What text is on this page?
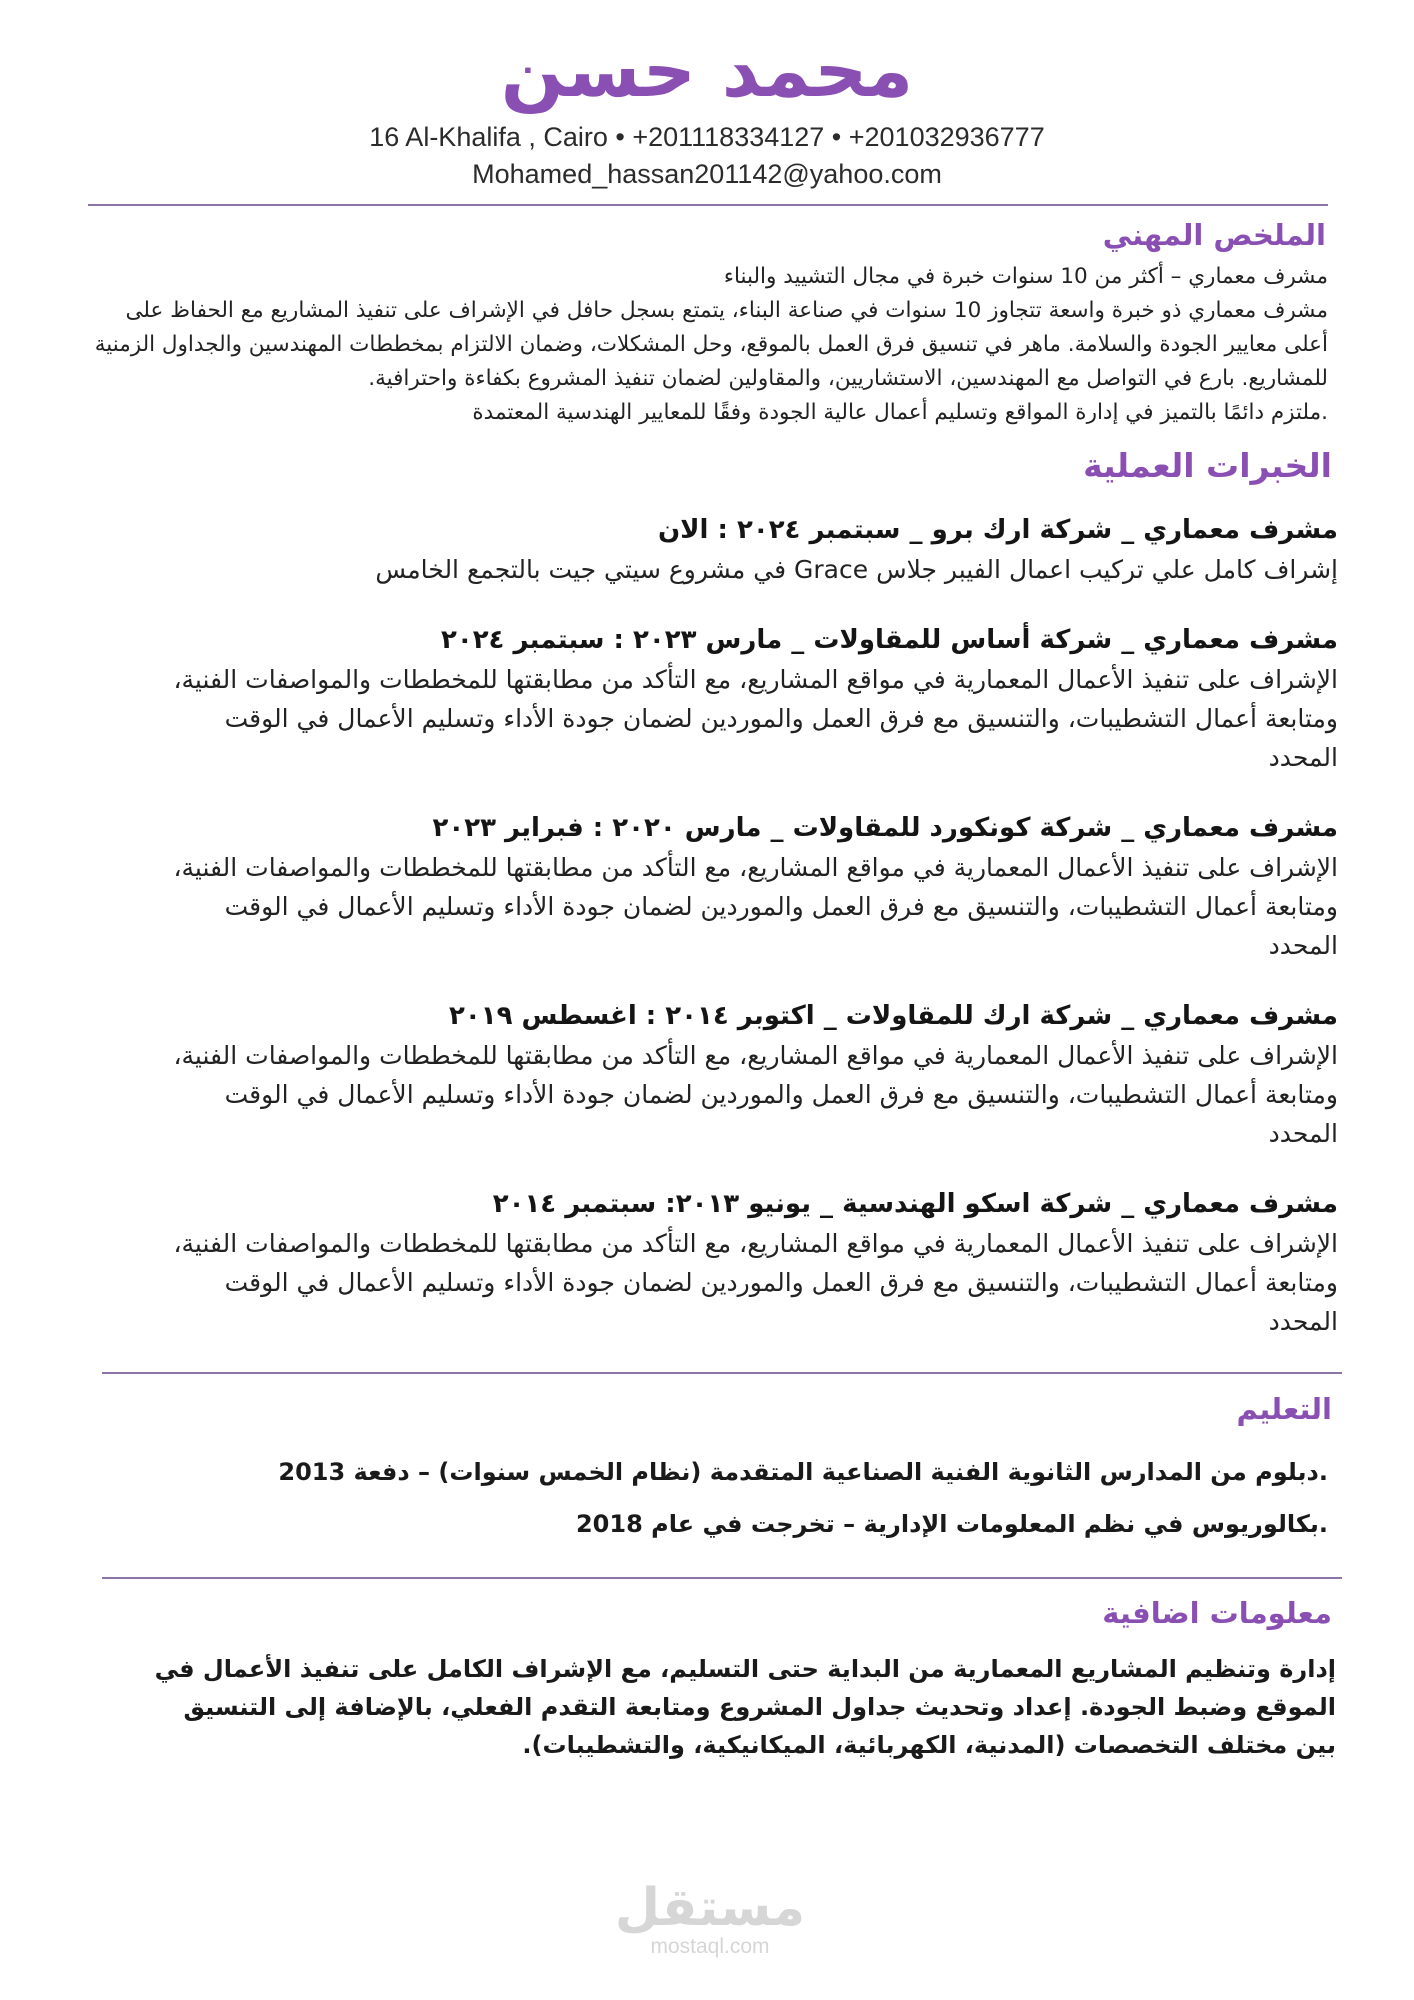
محمد حسن
16 Al-Khalifa , Cairo • +201118334127 • +201032936777
Mohamed_hassan201142@yahoo.com
الملخص المهني

مشرف معماري – أكثر من 10 سنوات خبرة في مجال التشييد والبناء

مشرف معماري ذو خبرة واسعة تتجاوز 10 سنوات في صناعة البناء، يتمتع بسجل حافل في الإشراف على تنفيذ المشاريع مع الحفاظ على أعلى معايير الجودة والسلامة. ماهر في تنسيق فرق العمل بالموقع، وحل المشكلات، وضمان الالتزام بمخططات المهندسين والجداول الزمنية للمشاريع. بارع في التواصل مع المهندسين، الاستشاريين، والمقاولين لضمان تنفيذ المشروع بكفاءة واحترافية.

.ملتزم دائمًا بالتميز في إدارة المواقع وتسليم أعمال عالية الجودة وفقًا للمعايير الهندسية المعتمدة

الخبرات العملية
مشرف معماري _ شركة ارك برو _ سبتمبر ٢٠٢٤ : الان
إشراف كامل علي تركيب اعمال الفيبر جلاس Grace في مشروع سيتي جيت بالتجمع الخامس
مشرف معماري _ شركة أساس للمقاولات _ مارس ٢٠٢٣ : سبتمبر ٢٠٢٤
الإشراف على تنفيذ الأعمال المعمارية في مواقع المشاريع، مع التأكد من مطابقتها للمخططات والمواصفات الفنية، ومتابعة أعمال التشطيبات، والتنسيق مع فرق العمل والموردين لضمان جودة الأداء وتسليم الأعمال في الوقت المحدد
مشرف معماري _ شركة كونكورد للمقاولات _ مارس ٢٠٢٠ : فبراير ٢٠٢٣
الإشراف على تنفيذ الأعمال المعمارية في مواقع المشاريع، مع التأكد من مطابقتها للمخططات والمواصفات الفنية، ومتابعة أعمال التشطيبات، والتنسيق مع فرق العمل والموردين لضمان جودة الأداء وتسليم الأعمال في الوقت المحدد
مشرف معماري _ شركة ارك للمقاولات _ اكتوبر ٢٠١٤ : اغسطس ٢٠١٩
الإشراف على تنفيذ الأعمال المعمارية في مواقع المشاريع، مع التأكد من مطابقتها للمخططات والمواصفات الفنية، ومتابعة أعمال التشطيبات، والتنسيق مع فرق العمل والموردين لضمان جودة الأداء وتسليم الأعمال في الوقت المحدد
مشرف معماري _ شركة اسكو الهندسية _ يونيو ٢٠١٣: سبتمبر ٢٠١٤
الإشراف على تنفيذ الأعمال المعمارية في مواقع المشاريع، مع التأكد من مطابقتها للمخططات والمواصفات الفنية، ومتابعة أعمال التشطيبات، والتنسيق مع فرق العمل والموردين لضمان جودة الأداء وتسليم الأعمال في الوقت المحدد
التعليم
.دبلوم من المدارس الثانوية الفنية الصناعية المتقدمة (نظام الخمس سنوات) – دفعة 2013
.بكالوريوس في نظم المعلومات الإدارية – تخرجت في عام 2018
معلومات اضافية
إدارة وتنظيم المشاريع المعمارية من البداية حتى التسليم، مع الإشراف الكامل على تنفيذ الأعمال في الموقع وضبط الجودة. إعداد وتحديث جداول المشروع ومتابعة التقدم الفعلي، بالإضافة إلى التنسيق بين مختلف التخصصات (المدنية، الكهربائية، الميكانيكية، والتشطيبات).
مستقل
mostaql.com
